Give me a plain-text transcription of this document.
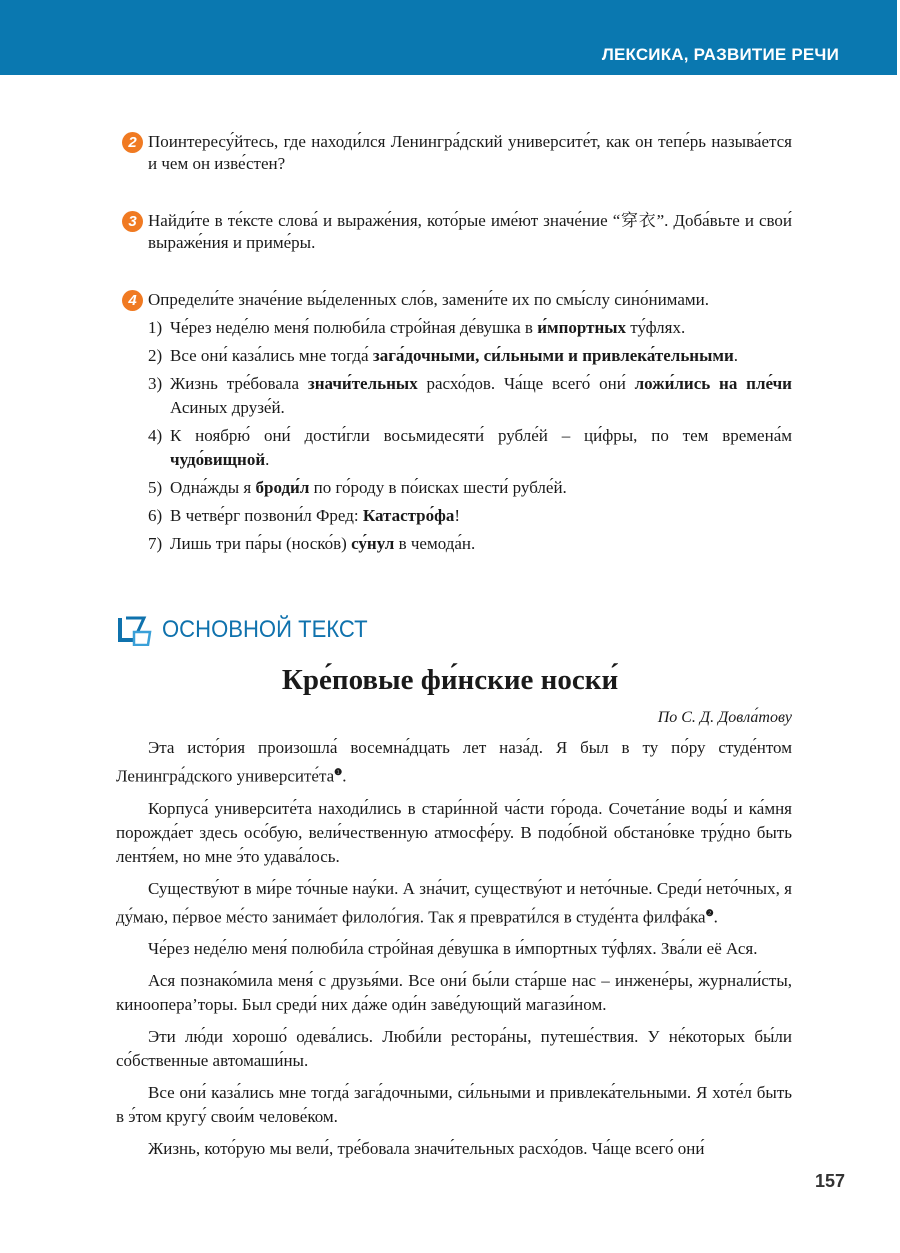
ЛЕКСИКА, РАЗВИТИЕ РЕЧИ
2 Поинтересу́йтесь, где находи́лся Ленингра́дский университе́т, как он тепе́рь называ́ется и чем он изве́стен?
3 Найди́те в те́ксте слова́ и выраже́ния, кото́рые име́ют значе́ние “穿衣”. Доба́вьте и свои́ выраже́ния и приме́ры.
4 Определи́те значе́ние вы́деленных сло́в, замени́те их по смы́слу сино́нимами.
1) Че́рез неде́лю меня́ полюби́ла стро́йная де́вушка в и́мпортных ту́флях.
2) Все они́ каза́лись мне тогда́ зага́дочными, си́льными и привлека́тельными.
3) Жизнь тре́бовала значи́тельных расхо́дов. Ча́ще всего́ они́ ложи́лись на пле́чи Асиных друзе́й.
4) К ноябрю́ они́ дости́гли восьмидесяти́ рубле́й – ци́фры, по тем времена́м чудо́вищной.
5) Одна́жды я броди́л по го́роду в по́исках шести́ рубле́й.
6) В четве́рг позвони́л Фред: Катастро́фа!
7) Лишь три па́ры (носко́в) су́нул в чемода́н.
ОСНОВНОЙ ТЕКСТ
Кре́повые фи́нские носки́
По С. Д. Довла́тову

Эта исто́рия произошла́ восемна́дцать лет наза́д. Я был в ту по́ру студе́нтом Ленингра́дского $университе́та^❶$.

Корпуса́ университе́та находи́лись в стари́нной ча́сти го́рода. Сочета́ние воды́ и ка́мня порожда́ет здесь осо́бую, вели́чественную атмосфе́ру. В подо́бной обстано́вке тру́дно быть лентя́ем, но мне э́то удава́лось.

Существу́ют в ми́ре то́чные нау́ки. А зна́чит, существу́ют и нето́чные. Среди́ нето́чных, я ду́маю, пе́рвое ме́сто занима́ет филоло́гия. Так я преврати́лся в студе́нта $филфа́ка^❷$.

Че́рез неде́лю меня́ полюби́ла стро́йная де́вушка в и́мпортных ту́флях. Зва́ли её Ася.

Ася познако́мила меня́ с друзья́ми. Все они́ бы́ли ста́рше нас – инжене́ры, журнали́сты, кинооперa’торы. Был среди́ них да́же оди́н заве́дующий магази́ном.

Эти лю́ди хорошо́ одева́лись. Люби́ли рестора́ны, путеше́ствия. У не́которых бы́ли со́бственные автомаши́ны.

Все они́ каза́лись мне тогда́ зага́дочными, си́льными и привлека́тельными. Я хоте́л быть в э́том кругу́ свои́м челове́ком.

Жизнь, кото́рую мы вели́, тре́бовала значи́тельных расхо́дов. Ча́ще всего́ они́

157
